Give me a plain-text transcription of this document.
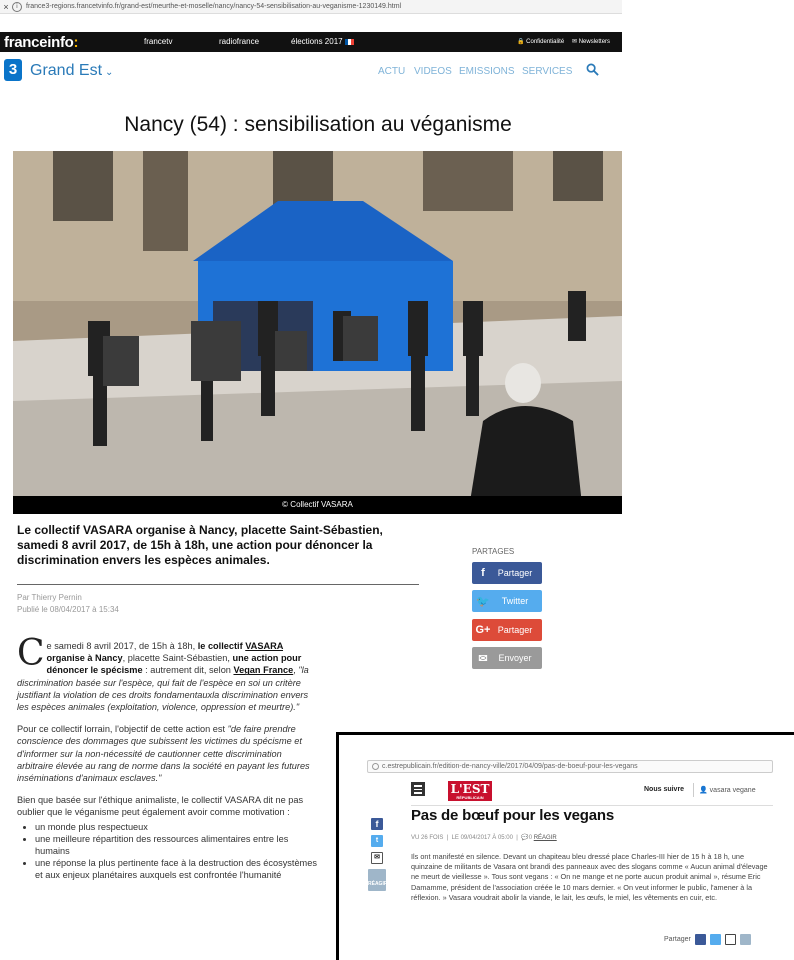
×	i	france3-regions.francetvinfo.fr/grand-est/meurthe-et-moselle/nancy/nancy-54-sensibilisation-au-veganisme-1230149.html
franceinfo:	francetv	radiofrance	élections 2017	🔒 Confidentialité ✉ Newsletters
3 Grand Est ⌄	ACTU VIDEOS EMISSIONS SERVICES
Nancy (54) : sensibilisation au véganisme
© Collectif VASARA
Le collectif VASARA organise à Nancy, placette Saint-Sébastien, samedi 8 avril 2017, de 15h à 18h, une action pour dénoncer la discrimination envers les espèces animales.
Par Thierry Pernin
Publié le 08/04/2017 à 15:34
PARTAGES
f	Partager
🐦	Twitter
G+ Partager
✉	Envoyer

Ce samedi 8 avril 2017, de 15h à 18h, le collectif VASARA organise à Nancy, placette Saint-Sébastien, une action pour dénoncer le spécisme : autrement dit, selon Vegan France, "la discrimination basée sur l'espèce, qui fait de l'espèce en soi un critère justifiant la violation de ces droits fondamentauxla discrimination envers les espèces animales (exploitation, violence, oppression et meurtre)."

Pour ce collectif lorrain, l'objectif de cette action est "de faire prendre conscience des dommages que subissent les victimes du spécisme et d'informer sur la non-nécessité de cautionner cette discrimination arbitraire élevée au rang de norme dans la société en payant les futures inséminations d'animaux esclaves."

Bien que basée sur l'éthique animaliste, le collectif VASARA dit ne pas oublier que le véganisme peut également avoir comme motivation :

• un monde plus respectueux
• une meilleure répartition des ressources alimentaires entre les humains
• une réponse la plus pertinente face à la destruction des écosystèmes et aux enjeux planétaires auxquels est confrontée l'humanité
c.estrepublicain.fr/edition-de-nancy-ville/2017/04/09/pas-de-boeuf-pour-les-vegans
L'EST
RÉPUBLICAIN
Nous suivre 👤 vasara vegane
Pas de bœuf pour les vegans
VU 26 FOIS  |  LE 09/04/2017 À 05:00  |  💬0 RÉAGIR
f
t
✉
RÉAGIR
Ils ont manifesté en silence. Devant un chapiteau bleu dressé place Charles-III hier de 15 h à 18 h, une quinzaine de militants de Vasara ont brandi des panneaux avec des slogans comme « Aucun animal d'élevage ne meurt de vieillesse ». Tous sont vegans : « On ne mange et ne porte aucun produit animal », résume Eric Damamme, président de l'association créée le 10 mars dernier. « On veut informer le public, l'amener à la réflexion. » Vasara voudrait abolir la viande, le lait, les œufs, le miel, les vêtements en cuir, etc.
Partager
